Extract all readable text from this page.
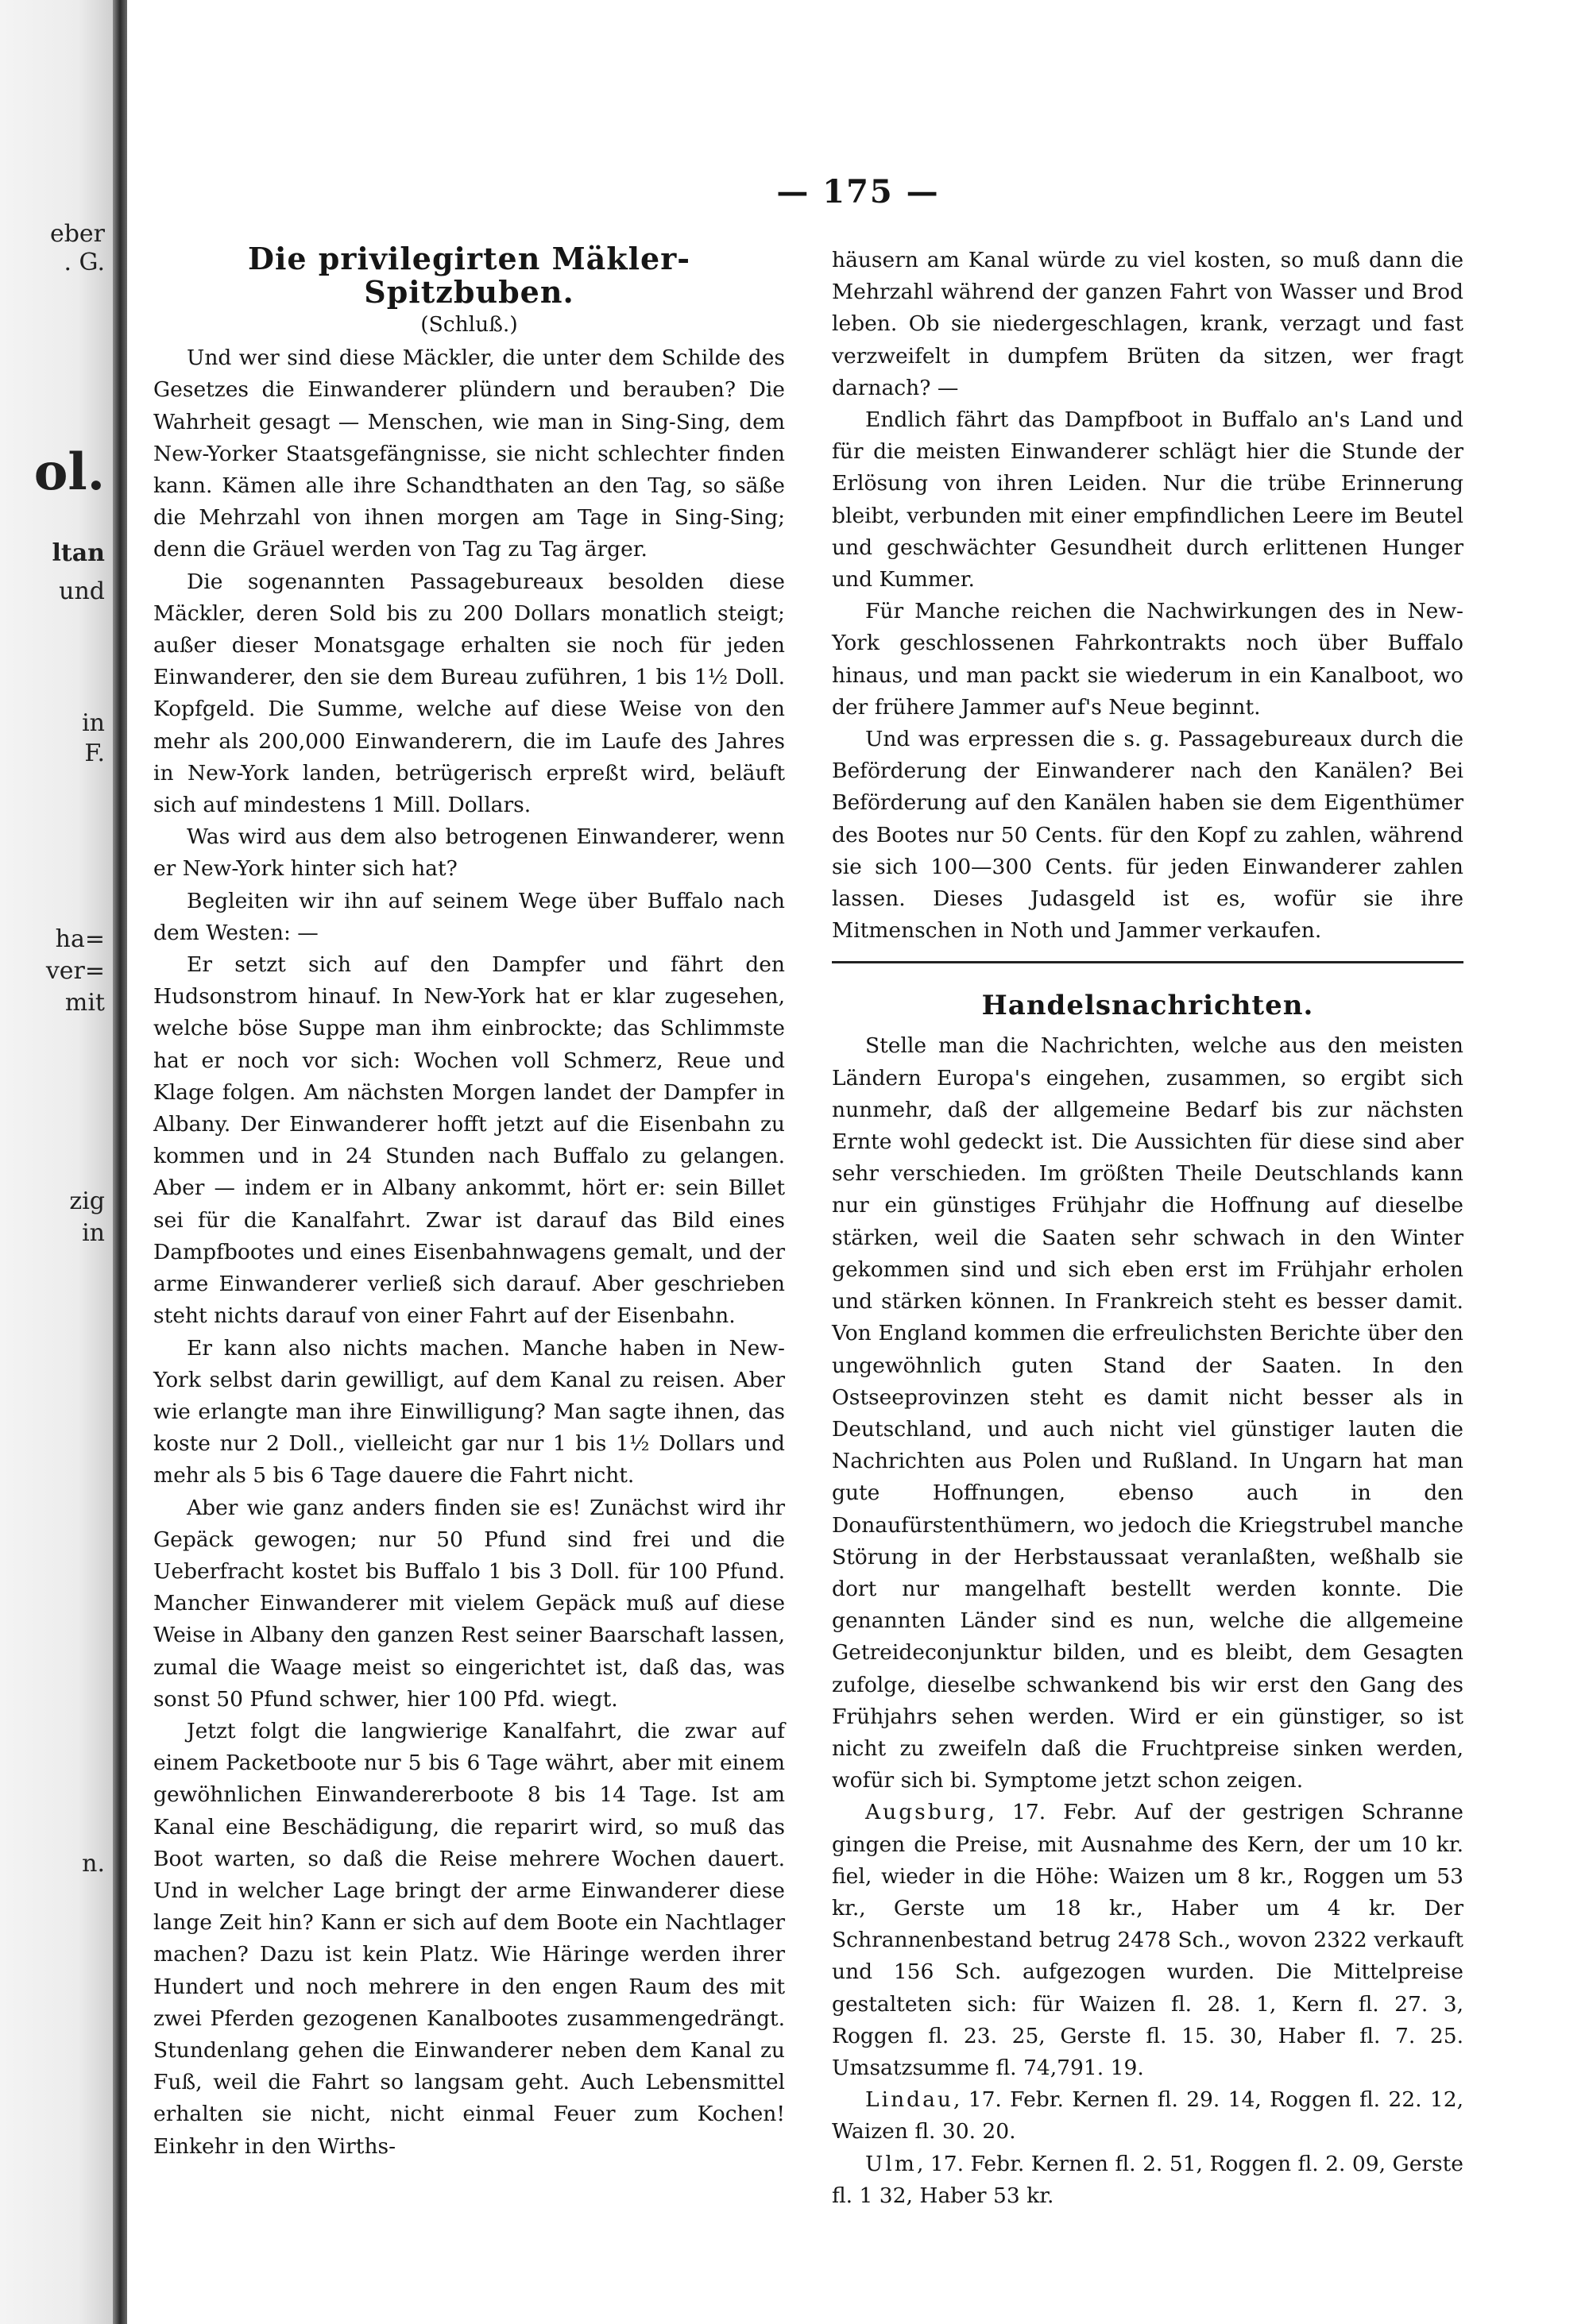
eber
. G.
ol.
ltan
und
in
F.
ha=
ver=
mit
zig
in
n.
— 175 —
Die privilegirten Mäkler-Spitzbuben.
(Schluß.)

Und wer sind diese Mäckler, die unter dem Schilde des Gesetzes die Einwanderer plündern und berauben? Die Wahrheit gesagt — Menschen, wie man in Sing-Sing, dem New-Yorker Staatsgefängnisse, sie nicht schlechter finden kann. Kämen alle ihre Schandthaten an den Tag, so säße die Mehrzahl von ihnen morgen am Tage in Sing-Sing; denn die Gräuel werden von Tag zu Tag ärger.

Die sogenannten Passagebureaux besolden diese Mäckler, deren Sold bis zu 200 Dollars monatlich steigt; außer dieser Monatsgage erhalten sie noch für jeden Einwanderer, den sie dem Bureau zuführen, 1 bis 1½ Doll. Kopfgeld. Die Summe, welche auf diese Weise von den mehr als 200,000 Einwanderern, die im Laufe des Jahres in New-York landen, betrügerisch erpreßt wird, beläuft sich auf mindestens 1 Mill. Dollars.

Was wird aus dem also betrogenen Einwanderer, wenn er New-York hinter sich hat?

Begleiten wir ihn auf seinem Wege über Buffalo nach dem Westen: —

Er setzt sich auf den Dampfer und fährt den Hudsonstrom hinauf. In New-York hat er klar zugesehen, welche böse Suppe man ihm einbrockte; das Schlimmste hat er noch vor sich: Wochen voll Schmerz, Reue und Klage folgen. Am nächsten Morgen landet der Dampfer in Albany. Der Einwanderer hofft jetzt auf die Eisenbahn zu kommen und in 24 Stunden nach Buffalo zu gelangen. Aber — indem er in Albany ankommt, hört er: sein Billet sei für die Kanalfahrt. Zwar ist darauf das Bild eines Dampfbootes und eines Eisenbahnwagens gemalt, und der arme Einwanderer verließ sich darauf. Aber geschrieben steht nichts darauf von einer Fahrt auf der Eisenbahn.

Er kann also nichts machen. Manche haben in New-York selbst darin gewilligt, auf dem Kanal zu reisen. Aber wie erlangte man ihre Einwilligung? Man sagte ihnen, das koste nur 2 Doll., vielleicht gar nur 1 bis 1½ Dollars und mehr als 5 bis 6 Tage dauere die Fahrt nicht.

Aber wie ganz anders finden sie es! Zunächst wird ihr Gepäck gewogen; nur 50 Pfund sind frei und die Ueberfracht kostet bis Buffalo 1 bis 3 Doll. für 100 Pfund. Mancher Einwanderer mit vielem Gepäck muß auf diese Weise in Albany den ganzen Rest seiner Baarschaft lassen, zumal die Waage meist so eingerichtet ist, daß das, was sonst 50 Pfund schwer, hier 100 Pfd. wiegt.

Jetzt folgt die langwierige Kanalfahrt, die zwar auf einem Packetboote nur 5 bis 6 Tage währt, aber mit einem gewöhnlichen Einwandererboote 8 bis 14 Tage. Ist am Kanal eine Beschädigung, die reparirt wird, so muß das Boot warten, so daß die Reise mehrere Wochen dauert. Und in welcher Lage bringt der arme Einwanderer diese lange Zeit hin? Kann er sich auf dem Boote ein Nachtlager machen? Dazu ist kein Platz. Wie Häringe werden ihrer Hundert und noch mehrere in den engen Raum des mit zwei Pferden gezogenen Kanalbootes zusammengedrängt. Stundenlang gehen die Einwanderer neben dem Kanal zu Fuß, weil die Fahrt so langsam geht. Auch Lebensmittel erhalten sie nicht, nicht einmal Feuer zum Kochen! Einkehr in den Wirths-

häusern am Kanal würde zu viel kosten, so muß dann die Mehrzahl während der ganzen Fahrt von Wasser und Brod leben. Ob sie niedergeschlagen, krank, verzagt und fast verzweifelt in dumpfem Brüten da sitzen, wer fragt darnach? —

Endlich fährt das Dampfboot in Buffalo an's Land und für die meisten Einwanderer schlägt hier die Stunde der Erlösung von ihren Leiden. Nur die trübe Erinnerung bleibt, verbunden mit einer empfindlichen Leere im Beutel und geschwächter Gesundheit durch erlittenen Hunger und Kummer.

Für Manche reichen die Nachwirkungen des in New-York geschlossenen Fahrkontrakts noch über Buffalo hinaus, und man packt sie wiederum in ein Kanalboot, wo der frühere Jammer auf's Neue beginnt.

Und was erpressen die s. g. Passagebureaux durch die Beförderung der Einwanderer nach den Kanälen? Bei Beförderung auf den Kanälen haben sie dem Eigenthümer des Bootes nur 50 Cents. für den Kopf zu zahlen, während sie sich 100—300 Cents. für jeden Einwanderer zahlen lassen. Dieses Judasgeld ist es, wofür sie ihre Mitmenschen in Noth und Jammer verkaufen.

Handelsnachrichten.

Stelle man die Nachrichten, welche aus den meisten Ländern Europa's eingehen, zusammen, so ergibt sich nunmehr, daß der allgemeine Bedarf bis zur nächsten Ernte wohl gedeckt ist. Die Aussichten für diese sind aber sehr verschieden. Im größten Theile Deutschlands kann nur ein günstiges Frühjahr die Hoffnung auf dieselbe stärken, weil die Saaten sehr schwach in den Winter gekommen sind und sich eben erst im Frühjahr erholen und stärken können. In Frankreich steht es besser damit. Von England kommen die erfreulichsten Berichte über den ungewöhnlich guten Stand der Saaten. In den Ostseeprovinzen steht es damit nicht besser als in Deutschland, und auch nicht viel günstiger lauten die Nachrichten aus Polen und Rußland. In Ungarn hat man gute Hoffnungen, ebenso auch in den Donaufürstenthümern, wo jedoch die Kriegstrubel manche Störung in der Herbstaussaat veranlaßten, weßhalb sie dort nur mangelhaft bestellt werden konnte. Die genannten Länder sind es nun, welche die allgemeine Getreideconjunktur bilden, und es bleibt, dem Gesagten zufolge, dieselbe schwankend bis wir erst den Gang des Frühjahrs sehen werden. Wird er ein günstiger, so ist nicht zu zweifeln daß die Fruchtpreise sinken werden, wofür sich bi. Symptome jetzt schon zeigen.

Augsburg, 17. Febr. Auf der gestrigen Schranne gingen die Preise, mit Ausnahme des Kern, der um 10 kr. fiel, wieder in die Höhe: Waizen um 8 kr., Roggen um 53 kr., Gerste um 18 kr., Haber um 4 kr. Der Schrannenbestand betrug 2478 Sch., wovon 2322 verkauft und 156 Sch. aufgezogen wurden. Die Mittelpreise gestalteten sich: für Waizen fl. 28. 1, Kern fl. 27. 3, Roggen fl. 23. 25, Gerste fl. 15. 30, Haber fl. 7. 25. Umsatzsumme fl. 74,791. 19.

Lindau, 17. Febr. Kernen fl. 29. 14, Roggen fl. 22. 12, Waizen fl. 30. 20.

Ulm, 17. Febr. Kernen fl. 2. 51, Roggen fl. 2. 09, Gerste fl. 1 32, Haber 53 kr.
